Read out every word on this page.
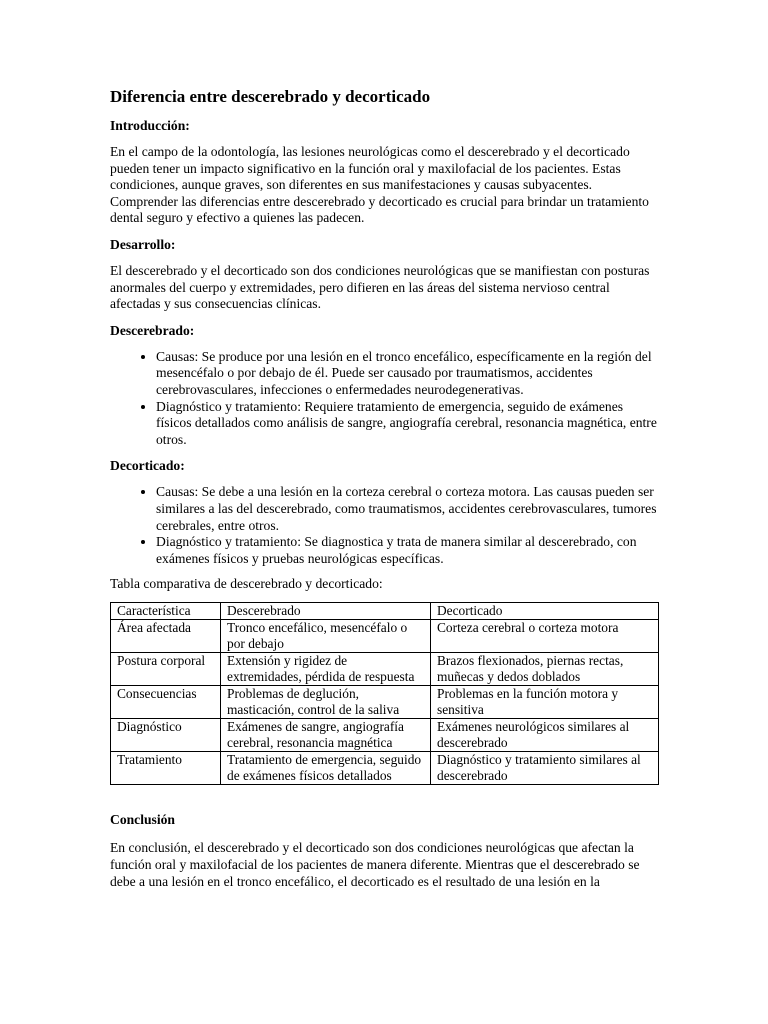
Diferencia entre descerebrado y decorticado
Introducción:

En el campo de la odontología, las lesiones neurológicas como el descerebrado y el decorticado pueden tener un impacto significativo en la función oral y maxilofacial de los pacientes. Estas condiciones, aunque graves, son diferentes en sus manifestaciones y causas subyacentes. Comprender las diferencias entre descerebrado y decorticado es crucial para brindar un tratamiento dental seguro y efectivo a quienes las padecen.

Desarrollo:

El descerebrado y el decorticado son dos condiciones neurológicas que se manifiestan con posturas anormales del cuerpo y extremidades, pero difieren en las áreas del sistema nervioso central afectadas y sus consecuencias clínicas.

Descerebrado:
• Causas: Se produce por una lesión en el tronco encefálico, específicamente en la región del mesencéfalo o por debajo de él. Puede ser causado por traumatismos, accidentes cerebrovasculares, infecciones o enfermedades neurodegenerativas.
• Diagnóstico y tratamiento: Requiere tratamiento de emergencia, seguido de exámenes físicos detallados como análisis de sangre, angiografía cerebral, resonancia magnética, entre otros.
Decorticado:
• Causas: Se debe a una lesión en la corteza cerebral o corteza motora. Las causas pueden ser similares a las del descerebrado, como traumatismos, accidentes cerebrovasculares, tumores cerebrales, entre otros.
• Diagnóstico y tratamiento: Se diagnostica y trata de manera similar al descerebrado, con exámenes físicos y pruebas neurológicas específicas.

Tabla comparativa de descerebrado y decorticado:

Característica	Descerebrado	Decorticado
Área afectada	Tronco encefálico, mesencéfalo o por debajo	Corteza cerebral o corteza motora
Postura corporal	Extensión y rigidez de extremidades, pérdida de respuesta	Brazos flexionados, piernas rectas, muñecas y dedos doblados
Consecuencias	Problemas de deglución, masticación, control de la saliva	Problemas en la función motora y sensitiva
Diagnóstico	Exámenes de sangre, angiografía cerebral, resonancia magnética	Exámenes neurológicos similares al descerebrado
Tratamiento	Tratamiento de emergencia, seguido de exámenes físicos detallados	Diagnóstico y tratamiento similares al descerebrado
Conclusión

En conclusión, el descerebrado y el decorticado son dos condiciones neurológicas que afectan la función oral y maxilofacial de los pacientes de manera diferente. Mientras que el descerebrado se debe a una lesión en el tronco encefálico, el decorticado es el resultado de una lesión en la
